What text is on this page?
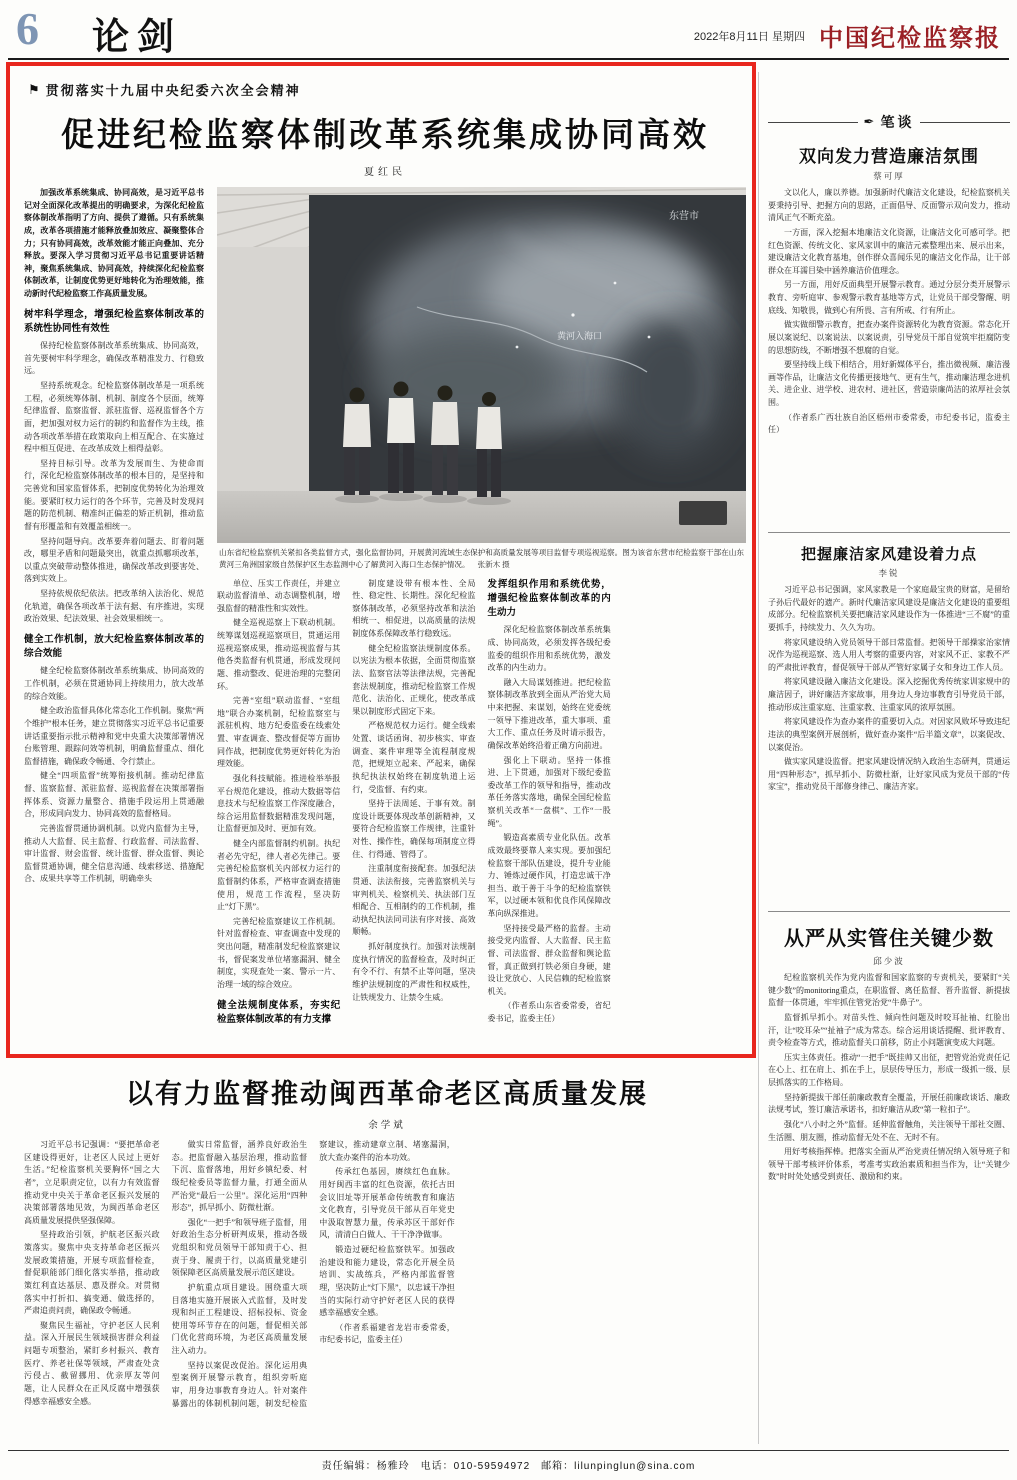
6 论剑	2022年8月11日 星期四 中国纪检监察报
⚑ 贯彻落实十九届中央纪委六次全会精神
促进纪检监察体制改革系统集成协同高效
夏红民

加强改革系统集成、协同高效，是习近平总书记对全面深化改革提出的明确要求，为深化纪检监察体制改革指明了方向、提供了遵循。只有系统集成，改革各项措施才能释放叠加效应、凝聚整体合力；只有协同高效，改革效能才能正向叠加、充分释放。要深入学习贯彻习近平总书记重要讲话精神，聚焦系统集成、协同高效，持续深化纪检监察体制改革，让制度优势更好地转化为治理效能，推动新时代纪检监察工作高质量发展。

树牢科学理念，增强纪检监察体制改革的系统性协同性有效性

保持纪检监察体制改革系统集成、协同高效，首先要树牢科学理念，确保改革精准发力、行稳致远。

坚持系统观念。纪检监察体制改革是一项系统工程，必须统筹体制、机制、制度各个层面，统筹纪律监督、监察监督、派驻监督、巡视监督各个方面，把加强对权力运行的制约和监督作为主线，推动各项改革举措在政策取向上相互配合、在实施过程中相互促进、在改革成效上相得益彰。

坚持目标引导。改革为发展而生、为使命而行，深化纪检监察体制改革的根本目的，是坚持和完善党和国家监督体系，把制度优势转化为治理效能。要紧盯权力运行的各个环节，完善及时发现问题的防范机制、精准纠正偏差的矫正机制，推动监督有形覆盖和有效覆盖相统一。

坚持问题导向。改革要奔着问题去、盯着问题改，哪里矛盾和问题最突出，就重点抓哪项改革，以重点突破带动整体推进，确保改革改到要害处、落到实效上。

坚持依规依纪依法。把改革纳入法治化、规范化轨道，确保各项改革于法有据、有序推进，实现政治效果、纪法效果、社会效果相统一。

健全工作机制，放大纪检监察体制改革的综合效能

健全纪检监察体制改革系统集成、协同高效的工作机制，必须在贯通协同上持续用力，放大改革的综合效能。

健全政治监督具体化常态化工作机制。聚焦“两个维护”根本任务，建立贯彻落实习近平总书记重要讲话重要指示批示精神和党中央重大决策部署情况台账管理、跟踪问效等机制，明确监督重点、细化监督措施，确保政令畅通、令行禁止。

健全“四项监督”统筹衔接机制。推动纪律监督、监察监督、派驻监督、巡视监督在决策部署指挥体系、资源力量整合、措施手段运用上贯通融合，形成同向发力、协同高效的监督格局。

完善监督贯通协调机制。以党内监督为主导，推动人大监督、民主监督、行政监督、司法监督、审计监督、财会监督、统计监督、群众监督、舆论监督贯通协调，健全信息沟通、线索移送、措施配合、成果共享等工作机制，明确牵头

东营市
黄河入海口
山东省纪检监察机关紧扣各类监督方式，强化监督协同，开展黄河流域生态保护和高质量发展等项目监督专项巡视巡察。图为该省东营市纪检监察干部在山东黄河三角洲国家级自然保护区生态监测中心了解黄河入海口生态保护情况。 张新木 摄

单位、压实工作责任，并建立联动监督清单、动态调整机制，增强监督的精准性和实效性。

健全巡视巡察上下联动机制。统筹谋划巡视巡察项目，贯通运用巡视巡察成果，推动巡视监督与其他各类监督有机贯通，形成发现问题、推动整改、促进治理的完整闭环。

完善“室组”联动监督、“室组地”联合办案机制，纪检监察室与派驻机构、地方纪委监委在线索处置、审查调查、整改督促等方面协同作战，把制度优势更好转化为治理效能。

强化科技赋能。推进检举举报平台规范化建设，推动大数据等信息技术与纪检监察工作深度融合，综合运用监督数据精准发现问题，让监督更加及时、更加有效。

健全内部监督制约机制。执纪者必先守纪，律人者必先律己。要完善纪检监察机关内部权力运行的监督制约体系，严格审查调查措施使用，规范工作流程，坚决防止“灯下黑”。

完善纪检监察建议工作机制。针对监督检查、审查调查中发现的突出问题，精准制发纪检监察建议书，督促案发单位堵塞漏洞、健全制度，实现查处一案、警示一片、治理一域的综合效应。

健全法规制度体系，夯实纪检监察体制改革的有力支撑

制度建设带有根本性、全局性、稳定性、长期性。深化纪检监察体制改革，必须坚持改革和法治相统一、相促进，以高质量的法规制度体系保障改革行稳致远。

健全纪检监察法规制度体系。以宪法为根本依据，全面贯彻监察法、监察官法等法律法规，完善配套法规制度，推动纪检监察工作规范化、法治化、正规化，使改革成果以制度形式固定下来。

严格规范权力运行。健全线索处置、谈话函询、初步核实、审查调查、案件审理等全流程制度规范，把规矩立起来、严起来，确保执纪执法权始终在制度轨道上运行，受监督、有约束。

坚持于法周延、于事有效。制度设计既要体现改革创新精神，又要符合纪检监察工作规律，注重针对性、操作性，确保每项制度立得住、行得通、管得了。

注重制度衔接配套。加强纪法贯通、法法衔接，完善监察机关与审判机关、检察机关、执法部门互相配合、互相制约的工作机制，推动执纪执法同司法有序对接、高效顺畅。

抓好制度执行。加强对法规制度执行情况的监督检查，及时纠正有令不行、有禁不止等问题，坚决维护法规制度的严肃性和权威性，让铁规发力、让禁令生威。

发挥组织作用和系统优势，增强纪检监察体制改革的内生动力

深化纪检监察体制改革系统集成、协同高效，必须发挥各级纪委监委的组织作用和系统优势，激发改革的内生动力。

融入大局谋划推进。把纪检监察体制改革放到全面从严治党大局中来把握、来谋划，始终在党委统一领导下推进改革，重大事项、重大工作、重点任务及时请示报告，确保改革始终沿着正确方向前进。

强化上下联动。坚持一体推进、上下贯通，加强对下级纪委监委改革工作的领导和指导，推动改革任务落实落地，确保全国纪检监察机关改革“一盘棋”、工作“一股绳”。

锻造高素质专业化队伍。改革成效最终要靠人来实现。要加强纪检监察干部队伍建设，提升专业能力、锤炼过硬作风，打造忠诚干净担当、敢于善于斗争的纪检监察铁军，以过硬本领和优良作风保障改革向纵深推进。

坚持接受最严格的监督。主动接受党内监督、人大监督、民主监督、司法监督、群众监督和舆论监督，真正做到打铁必须自身硬，建设让党放心、人民信赖的纪检监察机关。

（作者系山东省委常委，省纪委书记，监委主任）

✒ 笔谈
双向发力营造廉洁氛围
蔡可厚

文以化人，廉以养德。加强新时代廉洁文化建设，纪检监察机关要秉持引导、把握方向的思路，正面倡导、反面警示双向发力，推动清风正气不断充盈。

一方面，深入挖掘本地廉洁文化资源，让廉洁文化可感可学。把红色资源、传统文化、家风家训中的廉洁元素整理出来、展示出来，建设廉洁文化教育基地，创作群众喜闻乐见的廉洁文化作品，让干部群众在耳濡目染中涵养廉洁价值理念。

另一方面，用好反面典型开展警示教育。通过分层分类开展警示教育、旁听庭审、参观警示教育基地等方式，让党员干部受警醒、明底线、知敬畏，做到心有所畏、言有所戒、行有所止。

做实做细警示教育，把查办案件资源转化为教育资源。常态化开展以案说纪、以案说法、以案说责，引导党员干部自觉筑牢拒腐防变的思想防线，不断增强不想腐的自觉。

要坚持线上线下相结合，用好新媒体平台，推出微视频、廉洁漫画等作品，让廉洁文化传播更接地气、更有生气，推动廉洁理念进机关、进企业、进学校、进农村、进社区，营造崇廉尚洁的浓厚社会氛围。

（作者系广西壮族自治区梧州市委常委，市纪委书记，监委主任）

把握廉洁家风建设着力点
李锐

习近平总书记强调，家风家教是一个家庭最宝贵的财富，是留给子孙后代最好的遗产。新时代廉洁家风建设是廉洁文化建设的重要组成部分。纪检监察机关要把廉洁家风建设作为一体推进“三不腐”的重要抓手，持续发力、久久为功。

将家风建设纳入党员领导干部日常监督。把领导干部操家治家情况作为巡视巡察、选人用人考察的重要内容，对家风不正、家教不严的严肃批评教育，督促领导干部从严管好家属子女和身边工作人员。

将家风建设融入廉洁文化建设。深入挖掘优秀传统家训家规中的廉洁因子，讲好廉洁齐家故事，用身边人身边事教育引导党员干部，推动形成注重家庭、注重家教、注重家风的浓厚氛围。

将家风建设作为查办案件的重要切入点。对因家风败坏导致违纪违法的典型案例开展剖析，做好查办案件“后半篇文章”，以案促改、以案促治。

做实家风建设监督。把家风建设情况纳入政治生态研判，贯通运用“四种形态”，抓早抓小、防微杜渐，让好家风成为党员干部的“传家宝”，推动党员干部修身律己、廉洁齐家。

从严从实管住关键少数
邱少波

纪检监察机关作为党内监督和国家监察的专责机关，要紧盯“关键少数”的monitoring重点，在职监督、离任监督、晋升监督、新提拔监督一体贯通，牢牢抓住管党治党“牛鼻子”。

监督抓早抓小。对苗头性、倾向性问题及时咬耳扯袖、红脸出汗，让“咬耳朵”“扯袖子”成为常态。综合运用谈话提醒、批评教育、责令检查等方式，推动监督关口前移，防止小问题演变成大问题。

压实主体责任。推动“一把手”既挂帅又出征，把管党治党责任记在心上、扛在肩上、抓在手上，层层传导压力，形成一级抓一级、层层抓落实的工作格局。

坚持新提拔干部任前廉政教育全覆盖，开展任前廉政谈话、廉政法规考试，签订廉洁承诺书，扣好廉洁从政“第一粒扣子”。

强化“八小时之外”监督。延伸监督触角，关注领导干部社交圈、生活圈、朋友圈，推动监督无处不在、无时不有。

用好考核指挥棒。把落实全面从严治党责任情况纳入领导班子和领导干部考核评价体系，考准考实政治素质和担当作为，让“关键少数”时时处处感受到责任、激励和约束。

以有力监督推动闽西革命老区高质量发展
余学斌

习近平总书记强调：“要把革命老区建设得更好，让老区人民过上更好生活。”纪检监察机关要胸怀“国之大者”，立足职责定位，以有力有效监督推动党中央关于革命老区振兴发展的决策部署落地见效，为闽西革命老区高质量发展提供坚强保障。

坚持政治引领，护航老区振兴政策落实。聚焦中央支持革命老区振兴发展政策措施，开展专项监督检查，督促职能部门细化落实举措，推动政策红利直达基层、惠及群众。对贯彻落实中打折扣、搞变通、做选择的，严肃追责问责，确保政令畅通。

聚焦民生福祉，守护老区人民利益。深入开展民生领域损害群众利益问题专项整治，紧盯乡村振兴、教育医疗、养老社保等领域，严肃查处贪污侵占、截留挪用、优亲厚友等问题，让人民群众在正风反腐中增强获得感幸福感安全感。

做实日常监督，涵养良好政治生态。把监督融入基层治理，推动监督下沉、监督落地，用好乡镇纪委、村级纪检委员等监督力量，打通全面从严治党“最后一公里”。深化运用“四种形态”，抓早抓小、防微杜渐。

强化“一把手”和领导班子监督，用好政治生态分析研判成果，推动各级党组织和党员领导干部知责于心、担责于身、履责于行，以高质量党建引领保障老区高质量发展示范区建设。

护航重点项目建设。围绕重大项目落地实施开展嵌入式监督，及时发现和纠正工程建设、招标投标、资金使用等环节存在的问题，督促相关部门优化营商环境，为老区高质量发展注入动力。

坚持以案促改促治。深化运用典型案例开展警示教育，组织旁听庭审，用身边事教育身边人。针对案件暴露出的体制机制问题，制发纪检监察建议，推动建章立制、堵塞漏洞，放大查办案件的治本功效。

传承红色基因，赓续红色血脉。用好闽西丰富的红色资源，依托古田会议旧址等开展革命传统教育和廉洁文化教育，引导党员干部从百年党史中汲取智慧力量，传承苏区干部好作风，清清白白做人、干干净净做事。

锻造过硬纪检监察铁军。加强政治建设和能力建设，常态化开展全员培训、实战练兵，严格内部监督管理，坚决防止“灯下黑”，以忠诚干净担当的实际行动守护好老区人民的获得感幸福感安全感。

（作者系福建省龙岩市委常委，市纪委书记，监委主任）

责任编辑：杨雅玲　电话：010-59594972　邮箱：lilunpinglun@sina.com
